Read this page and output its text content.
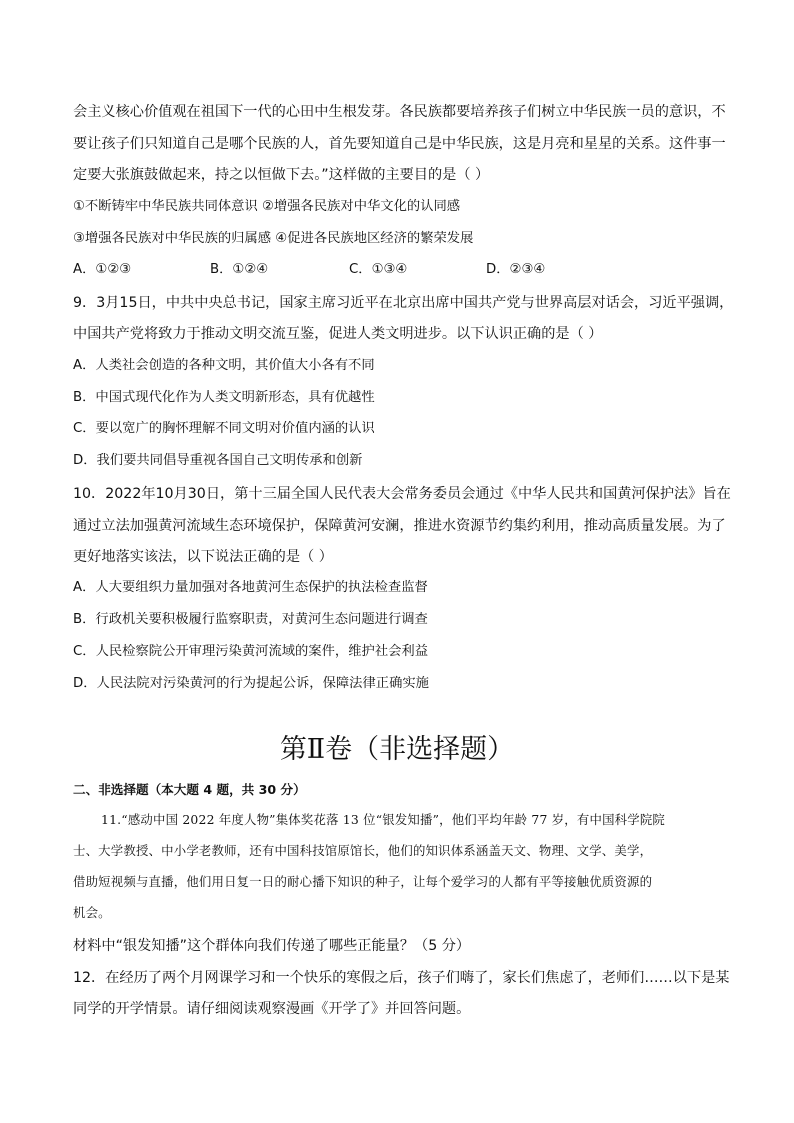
会主义核心价值观在祖国下一代的心田中生根发芽。各民族都要培养孩子们树立中华民族一员的意识，不
要让孩子们只知道自己是哪个民族的人，首先要知道自己是中华民族，这是月亮和星星的关系。这件事一
定要大张旗鼓做起来，持之以恒做下去。”这样做的主要目的是（ ）
①不断铸牢中华民族共同体意识 ②增强各民族对中华文化的认同感
③增强各民族对中华民族的归属感 ④促进各民族地区经济的繁荣发展
A．①②③	B．①②④	C．①③④	D．②③④
9．3月15日，中共中央总书记，国家主席习近平在北京出席中国共产党与世界高层对话会，习近平强调，
中国共产党将致力于推动文明交流互鉴，促进人类文明进步。以下认识正确的是（ ）
A．人类社会创造的各种文明，其价值大小各有不同
B．中国式现代化作为人类文明新形态，具有优越性
C．要以宽广的胸怀理解不同文明对价值内涵的认识
D．我们要共同倡导重视各国自己文明传承和创新
10．2022年10月30日，第十三届全国人民代表大会常务委员会通过《中华人民共和国黄河保护法》旨在
通过立法加强黄河流域生态环境保护，保障黄河安澜，推进水资源节约集约利用，推动高质量发展。为了
更好地落实该法，以下说法正确的是（ ）
A．人大要组织力量加强对各地黄河生态保护的执法检查监督
B．行政机关要积极履行监察职责，对黄河生态问题进行调查
C．人民检察院公开审理污染黄河流域的案件，维护社会利益
D．人民法院对污染黄河的行为提起公诉，保障法律正确实施
第Ⅱ卷（非选择题）
二、非选择题（本大题 4 题，共 30 分）
11.“感动中国 2022 年度人物”集体奖花落 13 位“银发知播”，他们平均年龄 77 岁，有中国科学院院
士、大学教授、中小学老教师，还有中国科技馆原馆长，他们的知识体系涵盖天文、物理、文学、美学，
借助短视频与直播，他们用日复一日的耐心播下知识的种子，让每个爱学习的人都有平等接触优质资源的
机会。
材料中“银发知播”这个群体向我们传递了哪些正能量？（5 分）
12．在经历了两个月网课学习和一个快乐的寒假之后，孩子们嗨了，家长们焦虑了，老师们……以下是某
同学的开学情景。请仔细阅读观察漫画《开学了》并回答问题。
